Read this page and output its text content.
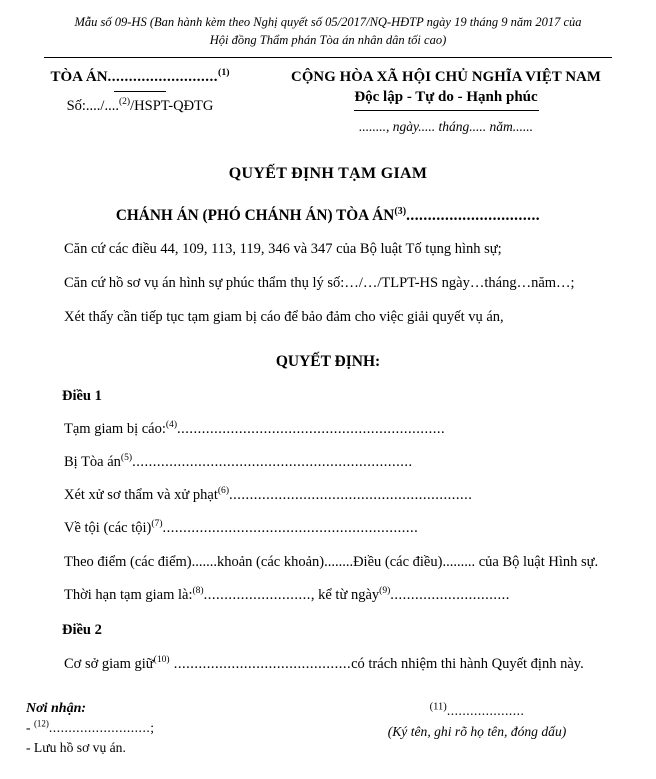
Mẫu số 09-HS (Ban hành kèm theo Nghị quyết số 05/2017/NQ-HĐTP ngày 19 tháng 9 năm 2017 của
Hội đồng Thẩm phán Tòa án nhân dân tối cao)
TÒA ÁN..........................$^{(1)}$
Số:..../....$^{(2)}$/HSPT-QĐTG
CỘNG HÒA XÃ HỘI CHỦ NGHĨA VIỆT NAM
Độc lập - Tự do - Hạnh phúc
........, ngày..... tháng..... năm......
QUYẾT ĐỊNH TẠM GIAM
CHÁNH ÁN (PHÓ CHÁNH ÁN) TÒA ÁN$^{(3)}$...............................

Căn cứ các điều 44, 109, 113, 119, 346 và 347 của Bộ luật Tố tụng hình sự;

Căn cứ hồ sơ vụ án hình sự phúc thẩm thụ lý số:…/…/TLPT-HS ngày…tháng…năm…;

Xét thấy cần tiếp tục tạm giam bị cáo để bảo đảm cho việc giải quyết vụ án,

QUYẾT ĐỊNH:
Điều 1
Tạm giam bị cáo:$^{(4)}$.................................................................
Bị Tòa $án^{(5)}$....................................................................
Xét xử sơ thẩm và xử phạt$^{(6)}$...........................................................
Về tội (các tội)$^{(7)}$..............................................................

Theo điểm (các điểm).......khoản (các khoản)........Điều (các điều)......... của Bộ luật Hình sự.

Thời hạn tạm giam là:$^{(8)}$.........................., kể từ ngày$^{(9)}$.............................
Điều 2

Cơ sở giam giữ$^{(10)}$ ...........................................có trách nhiệm thi hành Quyết định này.

Nơi nhận:
- $^{(12)}$..........................;
- Lưu hồ sơ vụ án.
$^{(11)}$....................
(Ký tên, ghi rõ họ tên, đóng dấu)
